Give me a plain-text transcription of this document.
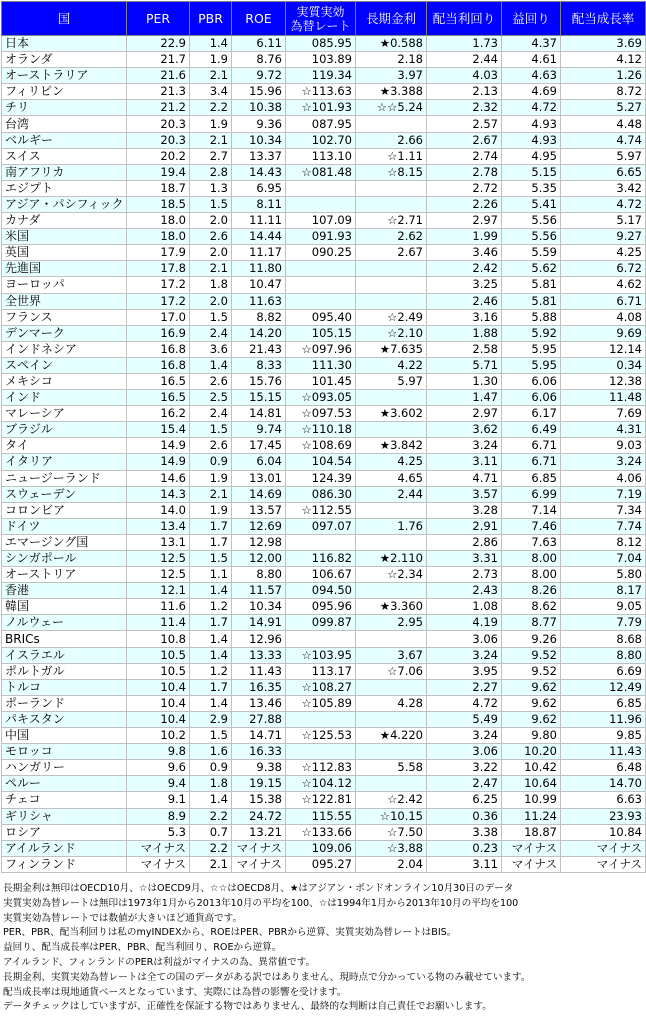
国	PER	PBR	ROE	実質実効
為替レート	長期金利	配当利回り	益回り	配当成長率
日本	22.9	1.4	6.11	085.95	★0.588	1.73	4.37	3.69
オランダ	21.7	1.9	8.76	103.89	2.18	2.44	4.61	4.12
オーストラリア	21.6	2.1	9.72	119.34	3.97	4.03	4.63	1.26
フィリピン	21.3	3.4	15.96	☆113.63	★3.388	2.13	4.69	8.72
チリ	21.2	2.2	10.38	☆101.93	☆☆5.24	2.32	4.72	5.27
台湾	20.3	1.9	9.36	087.95		2.57	4.93	4.48
ベルギー	20.3	2.1	10.34	102.70	2.66	2.67	4.93	4.74
スイス	20.2	2.7	13.37	113.10	☆1.11	2.74	4.95	5.97
南アフリカ	19.4	2.8	14.43	☆081.48	☆8.15	2.78	5.15	6.65
エジプト	18.7	1.3	6.95			2.72	5.35	3.42
アジア・パシフィック	18.5	1.5	8.11			2.26	5.41	4.72
カナダ	18.0	2.0	11.11	107.09	☆2.71	2.97	5.56	5.17
米国	18.0	2.6	14.44	091.93	2.62	1.99	5.56	9.27
英国	17.9	2.0	11.17	090.25	2.67	3.46	5.59	4.25
先進国	17.8	2.1	11.80			2.42	5.62	6.72
ヨーロッパ	17.2	1.8	10.47			3.25	5.81	4.62
全世界	17.2	2.0	11.63			2.46	5.81	6.71
フランス	17.0	1.5	8.82	095.40	☆2.49	3.16	5.88	4.08
デンマーク	16.9	2.4	14.20	105.15	☆2.10	1.88	5.92	9.69
インドネシア	16.8	3.6	21.43	☆097.96	★7.635	2.58	5.95	12.14
スペイン	16.8	1.4	8.33	111.30	4.22	5.71	5.95	0.34
メキシコ	16.5	2.6	15.76	101.45	5.97	1.30	6.06	12.38
インド	16.5	2.5	15.15	☆093.05		1.47	6.06	11.48
マレーシア	16.2	2.4	14.81	☆097.53	★3.602	2.97	6.17	7.69
ブラジル	15.4	1.5	9.74	☆110.18		3.62	6.49	4.31
タイ	14.9	2.6	17.45	☆108.69	★3.842	3.24	6.71	9.03
イタリア	14.9	0.9	6.04	104.54	4.25	3.11	6.71	3.24
ニュージーランド	14.6	1.9	13.01	124.39	4.65	4.71	6.85	4.06
スウェーデン	14.3	2.1	14.69	086.30	2.44	3.57	6.99	7.19
コロンビア	14.0	1.9	13.57	☆112.55		3.28	7.14	7.34
ドイツ	13.4	1.7	12.69	097.07	1.76	2.91	7.46	7.74
エマージング国	13.1	1.7	12.98			2.86	7.63	8.12
シンガポール	12.5	1.5	12.00	116.82	★2.110	3.31	8.00	7.04
オーストリア	12.5	1.1	8.80	106.67	☆2.34	2.73	8.00	5.80
香港	12.1	1.4	11.57	094.50		2.43	8.26	8.17
韓国	11.6	1.2	10.34	095.96	★3.360	1.08	8.62	9.05
ノルウェー	11.4	1.7	14.91	099.87	2.95	4.19	8.77	7.79
BRICs	10.8	1.4	12.96			3.06	9.26	8.68
イスラエル	10.5	1.4	13.33	☆103.95	3.67	3.24	9.52	8.80
ポルトガル	10.5	1.2	11.43	113.17	☆7.06	3.95	9.52	6.69
トルコ	10.4	1.7	16.35	☆108.27		2.27	9.62	12.49
ポーランド	10.4	1.4	13.46	☆105.89	4.28	4.72	9.62	6.85
パキスタン	10.4	2.9	27.88			5.49	9.62	11.96
中国	10.2	1.5	14.71	☆125.53	★4.220	3.24	9.80	9.85
モロッコ	9.8	1.6	16.33			3.06	10.20	11.43
ハンガリー	9.6	0.9	9.38	☆112.83	5.58	3.22	10.42	6.48
ペルー	9.4	1.8	19.15	☆104.12		2.47	10.64	14.70
チェコ	9.1	1.4	15.38	☆122.81	☆2.42	6.25	10.99	6.63
ギリシャ	8.9	2.2	24.72	115.55	☆10.15	0.36	11.24	23.93
ロシア	5.3	0.7	13.21	☆133.66	☆7.50	3.38	18.87	10.84
アイルランド	マイナス	2.2	マイナス	109.06	☆3.88	0.23	マイナス	マイナス
フィンランド	マイナス	2.1	マイナス	095.27	2.04	3.11	マイナス	マイナス
長期金利は無印はOECD10月、☆はOECD9月、☆☆はOECD8月、★はアジアン・ボンドオンライン10月30日のデータ
実質実効為替レートは無印は1973年1月から2013年10月の平均を100、☆は1994年1月から2013年10月の平均を100
実質実効為替レートでは数値が大きいほど通貨高です。
PER、PBR、配当利回りは私のmyINDEXから、ROEはPER、PBRから逆算、実質実効為替レートはBIS。
益回り、配当成長率はPER、PBR、配当利回り、ROEから逆算。
アイルランド、フィンランドのPERは利益がマイナスの為、異常値です。
長期金利、実質実効為替レートは全ての国のデータがある訳ではありません、現時点で分かっている物のみ載せています。
配当成長率は現地通貨ベースとなっています、実際には為替の影響を受けます。
データチェックはしていますが、正確性を保証する物ではありません、最終的な判断は自己責任でお願いします。
